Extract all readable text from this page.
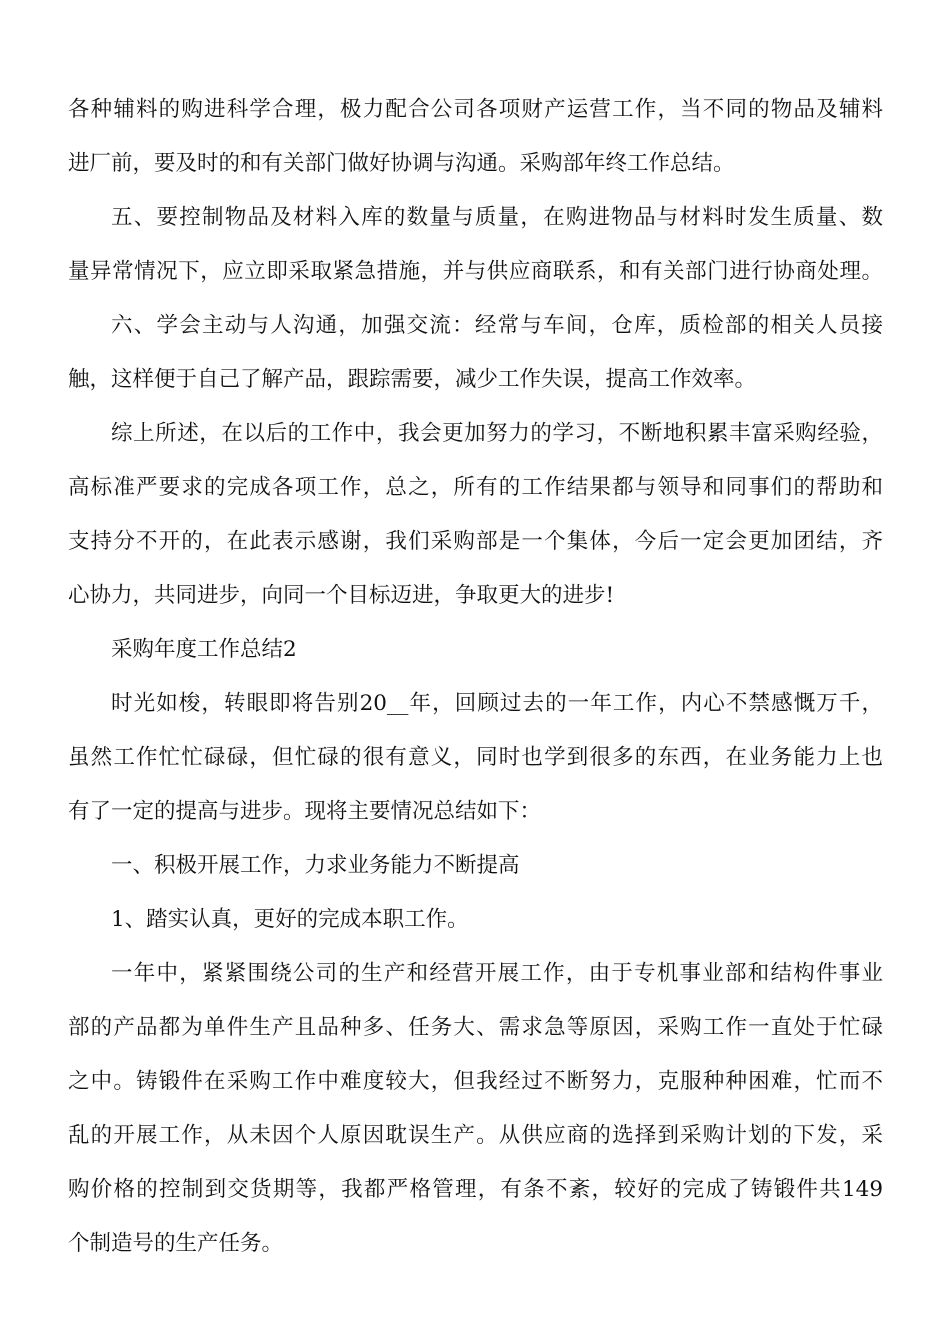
各种辅料的购进科学合理，极力配合公司各项财产运营工作，当不同的物品及辅料
进厂前，要及时的和有关部门做好协调与沟通。采购部年终工作总结。
五、要控制物品及材料入库的数量与质量，在购进物品与材料时发生质量、数
量异常情况下，应立即采取紧急措施，并与供应商联系，和有关部门进行协商处理。
六、学会主动与人沟通，加强交流：经常与车间，仓库，质检部的相关人员接
触，这样便于自己了解产品，跟踪需要，减少工作失误，提高工作效率。
综上所述，在以后的工作中，我会更加努力的学习，不断地积累丰富采购经验，
高标准严要求的完成各项工作，总之，所有的工作结果都与领导和同事们的帮助和
支持分不开的，在此表示感谢，我们采购部是一个集体，今后一定会更加团结，齐
心协力，共同进步，向同一个目标迈进，争取更大的进步!
采购年度工作总结2
时光如梭，转眼即将告别20__年，回顾过去的一年工作，内心不禁感慨万千，
虽然工作忙忙碌碌，但忙碌的很有意义，同时也学到很多的东西，在业务能力上也
有了一定的提高与进步。现将主要情况总结如下：
一、积极开展工作，力求业务能力不断提高
1、踏实认真，更好的完成本职工作。
一年中，紧紧围绕公司的生产和经营开展工作，由于专机事业部和结构件事业
部的产品都为单件生产且品种多、任务大、需求急等原因，采购工作一直处于忙碌
之中。铸锻件在采购工作中难度较大，但我经过不断努力，克服种种困难，忙而不
乱的开展工作，从未因个人原因耽误生产。从供应商的选择到采购计划的下发，采
购价格的控制到交货期等，我都严格管理，有条不紊，较好的完成了铸锻件共149
个制造号的生产任务。
